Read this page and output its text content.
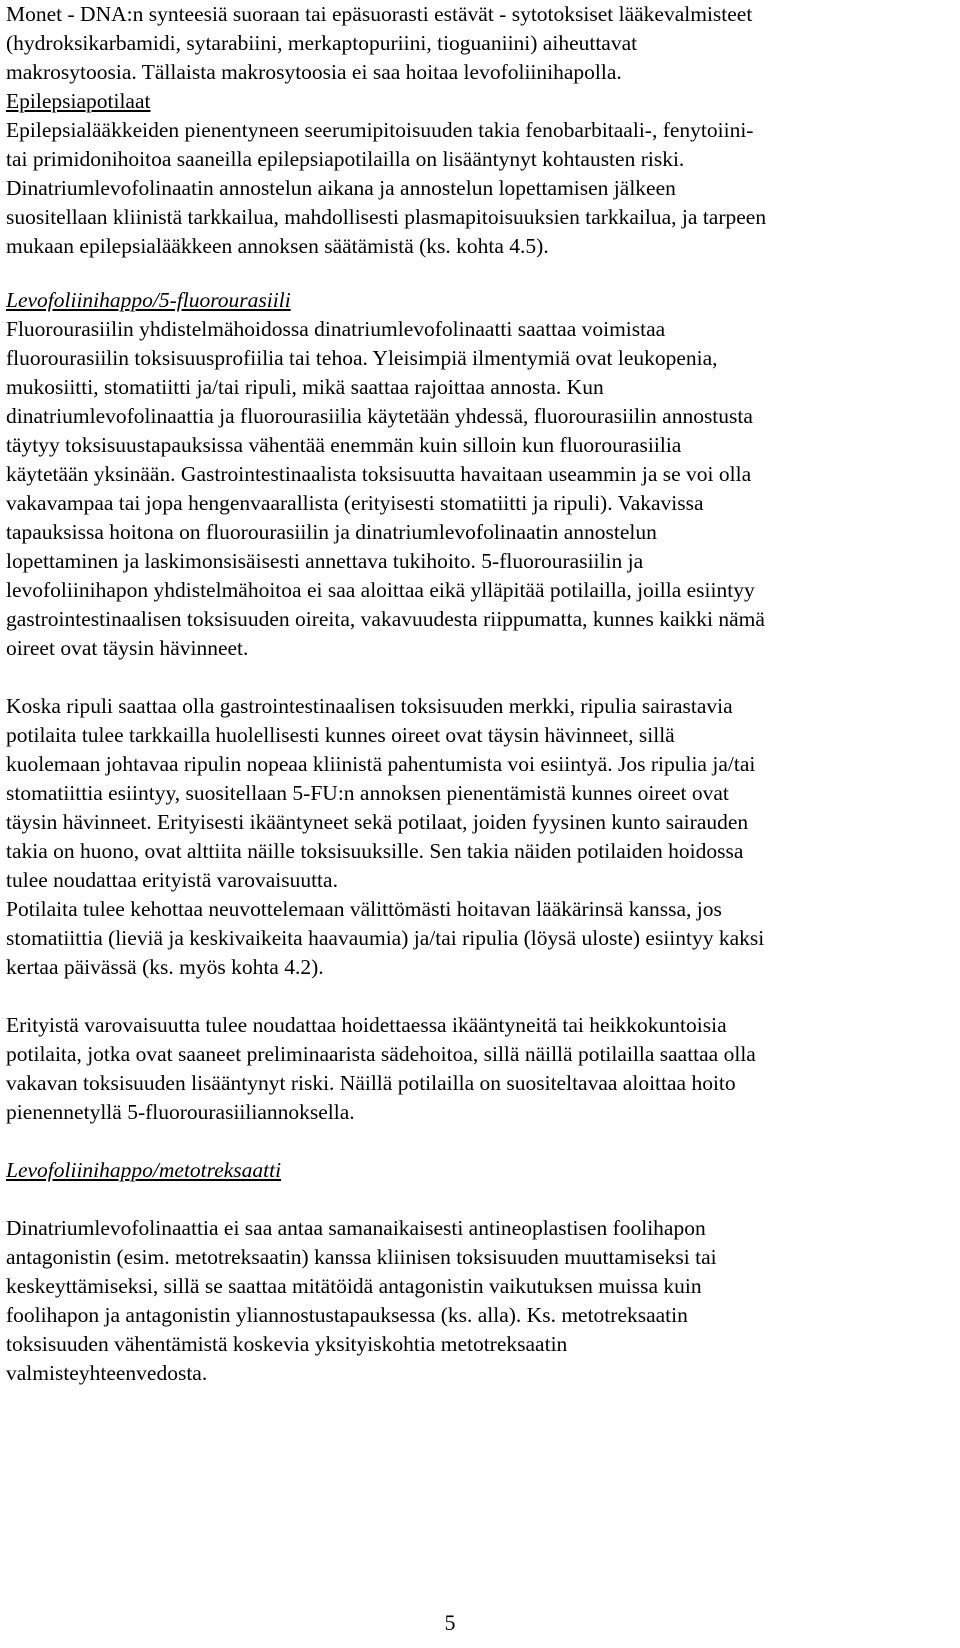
Monet - DNA:n synteesiä suoraan tai epäsuorasti estävät - sytotoksiset lääkevalmisteet
(hydroksikarbamidi, sytarabiini, merkaptopuriini, tioguaniini) aiheuttavat
makrosytoosia. Tällaista makrosytoosia ei saa hoitaa levofoliinihapolla.

Epilepsiapotilaat
Epilepsialääkkeiden pienentyneen seerumipitoisuuden takia fenobarbitaali-, fenytoiini-
tai primidonihoitoa saaneilla epilepsiapotilailla on lisääntynyt kohtausten riski.
Dinatriumlevofolinaatin annostelun aikana ja annostelun lopettamisen jälkeen
suositellaan kliinistä tarkkailua, mahdollisesti plasmapitoisuuksien tarkkailua, ja tarpeen
mukaan epilepsialääkkeen annoksen säätämistä (ks. kohta 4.5).

Levofoliinihappo/5-fluorourasiili
Fluorourasiilin yhdistelmähoidossa dinatriumlevofolinaatti saattaa voimistaa
fluorourasiilin toksisuusprofiilia tai tehoa. Yleisimpiä ilmentymiä ovat leukopenia,
mukosiitti, stomatiitti ja/tai ripuli, mikä saattaa rajoittaa annosta. Kun
dinatriumlevofolinaattia ja fluorourasiilia käytetään yhdessä, fluorourasiilin annostusta
täytyy toksisuustapauksissa vähentää enemmän kuin silloin kun fluorourasiilia
käytetään yksinään. Gastrointestinaalista toksisuutta havaitaan useammin ja se voi olla
vakavampaa tai jopa hengenvaarallista (erityisesti stomatiitti ja ripuli). Vakavissa
tapauksissa hoitona on fluorourasiilin ja dinatriumlevofolinaatin annostelun
lopettaminen ja laskimonsisäisesti annettava tukihoito. 5-fluorourasiilin ja
levofoliinihapon yhdistelmähoitoa ei saa aloittaa eikä ylläpitää potilailla, joilla esiintyy
gastrointestinaalisen toksisuuden oireita, vakavuudesta riippumatta, kunnes kaikki nämä
oireet ovat täysin hävinneet.

Koska ripuli saattaa olla gastrointestinaalisen toksisuuden merkki, ripulia sairastavia
potilaita tulee tarkkailla huolellisesti kunnes oireet ovat täysin hävinneet, sillä
kuolemaan johtavaa ripulin nopeaa kliinistä pahentumista voi esiintyä. Jos ripulia ja/tai
stomatiittia esiintyy, suositellaan 5-FU:n annoksen pienentämistä kunnes oireet ovat
täysin hävinneet. Erityisesti ikääntyneet sekä potilaat, joiden fyysinen kunto sairauden
takia on huono, ovat alttiita näille toksisuuksille. Sen takia näiden potilaiden hoidossa
tulee noudattaa erityistä varovaisuutta.

Potilaita tulee kehottaa neuvottelemaan välittömästi hoitavan lääkärinsä kanssa, jos
stomatiittia (lieviä ja keskivaikeita haavaumia) ja/tai ripulia (löysä uloste) esiintyy kaksi
kertaa päivässä (ks. myös kohta 4.2).

Erityistä varovaisuutta tulee noudattaa hoidettaessa ikääntyneitä tai heikkokuntoisia
potilaita, jotka ovat saaneet preliminaarista sädehoitoa, sillä näillä potilailla saattaa olla
vakavan toksisuuden lisääntynyt riski. Näillä potilailla on suositeltavaa aloittaa hoito
pienennetyllä 5-fluorourasiiliannoksella.

Levofoliinihappo/metotreksaatti

Dinatriumlevofolinaattia ei saa antaa samanaikaisesti antineoplastisen foolihapon
antagonistin (esim. metotreksaatin) kanssa kliinisen toksisuuden muuttamiseksi tai
keskeyttämiseksi, sillä se saattaa mitätöidä antagonistin vaikutuksen muissa kuin
foolihapon ja antagonistin yliannostustapauksessa (ks. alla). Ks. metotreksaatin
toksisuuden vähentämistä koskevia yksityiskohtia metotreksaatin
valmisteyhteenvedosta.

5
